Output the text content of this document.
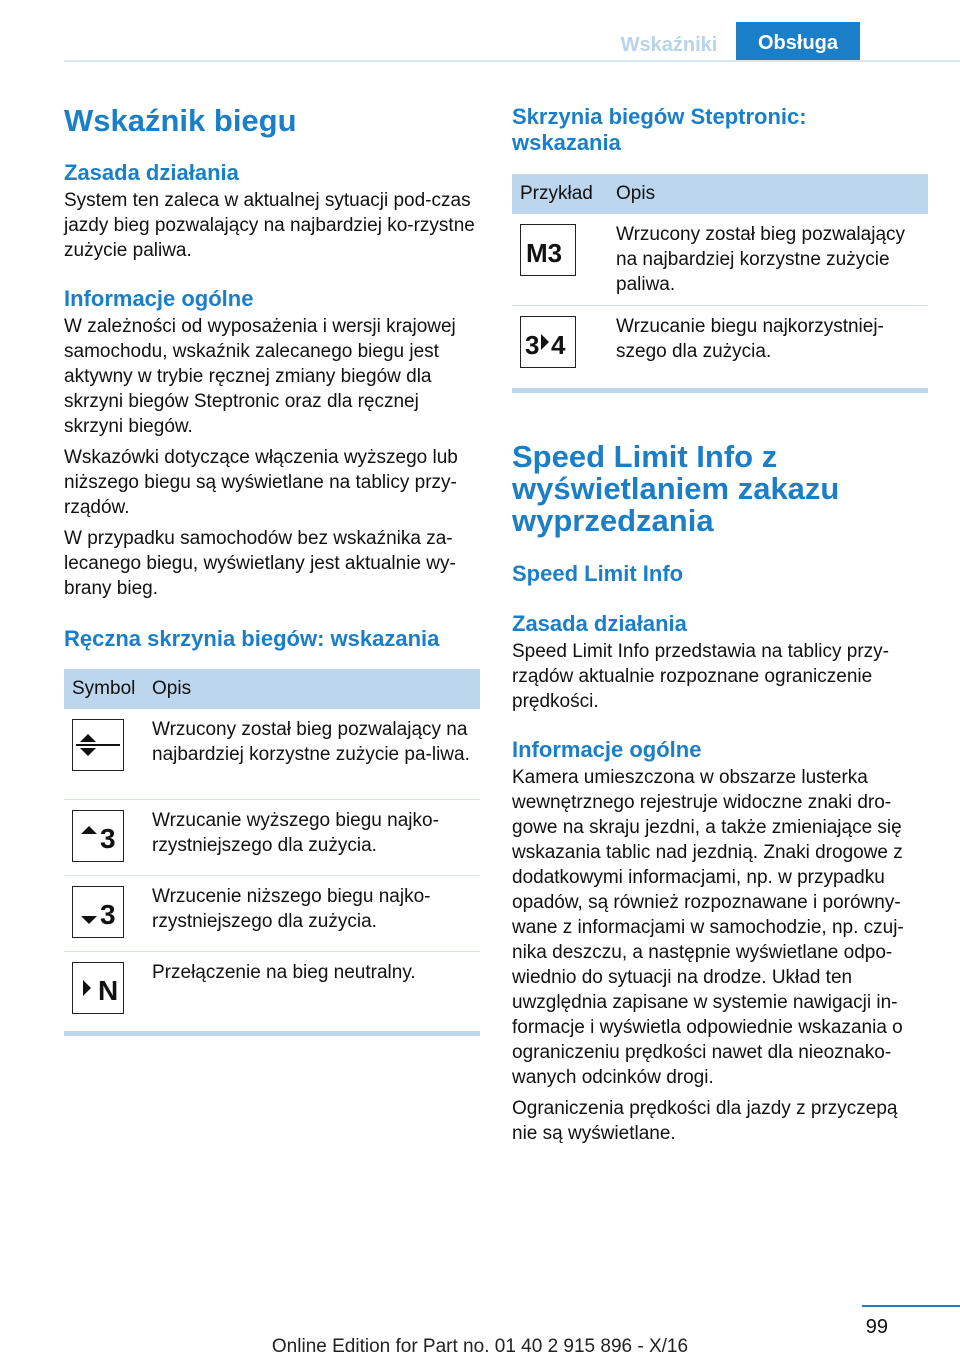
Wskaźniki	Obsługa
Wskaźnik biegu
Zasada działania

System ten zaleca w aktualnej sytuacji pod‐czas jazdy bieg pozwalający na najbardziej ko‐rzystne zużycie paliwa.

Informacje ogólne

W zależności od wyposażenia i wersji krajowej samochodu, wskaźnik zalecanego biegu jest aktywny w trybie ręcznej zmiany biegów dla skrzyni biegów Steptronic oraz dla ręcznej skrzyni biegów.

Wskazówki dotyczące włączenia wyższego lub niższego biegu są wyświetlane na tablicy przy‐rządów.

W przypadku samochodów bez wskaźnika za‐lecanego biegu, wyświetlany jest aktualnie wy‐brany bieg.

Ręczna skrzynia biegów: wskazania
Symbol	Opis

	Wrzucony został bieg pozwalający na najbardziej korzystne zużycie pa‐liwa.

3	Wrzucanie wyższego biegu najko‐rzystniejszego dla zużycia.

3	Wrzucenie niższego biegu najko‐rzystniejszego dla zużycia.

N	Przełączenie na bieg neutralny.
Skrzynia biegów Steptronic: wskazania
Przykład	Opis

M3	Wrzucony został bieg pozwalający na najbardziej korzystne zużycie paliwa.

3 4	Wrzucanie biegu najkorzystniej‐szego dla zużycia.
Speed Limit Info z wyświetlaniem zakazu wyprzedzania
Speed Limit Info
Zasada działania

Speed Limit Info przedstawia na tablicy przy‐rządów aktualnie rozpoznane ograniczenie prędkości.

Informacje ogólne

Kamera umieszczona w obszarze lusterka wewnętrznego rejestruje widoczne znaki dro‐gowe na skraju jezdni, a także zmieniające się wskazania tablic nad jezdnią. Znaki drogowe z dodatkowymi informacjami, np. w przypadku opadów, są również rozpoznawane i porówny‐wane z informacjami w samochodzie, np. czuj‐nika deszczu, a następnie wyświetlane odpo‐wiednio do sytuacji na drodze. Układ ten uwzględnia zapisane w systemie nawigacji in‐formacje i wyświetla odpowiednie wskazania o ograniczeniu prędkości nawet dla nieoznako‐wanych odcinków drogi.

Ograniczenia prędkości dla jazdy z przyczepą nie są wyświetlane.

99
Online Edition for Part no. 01 40 2 915 896 - X/16
